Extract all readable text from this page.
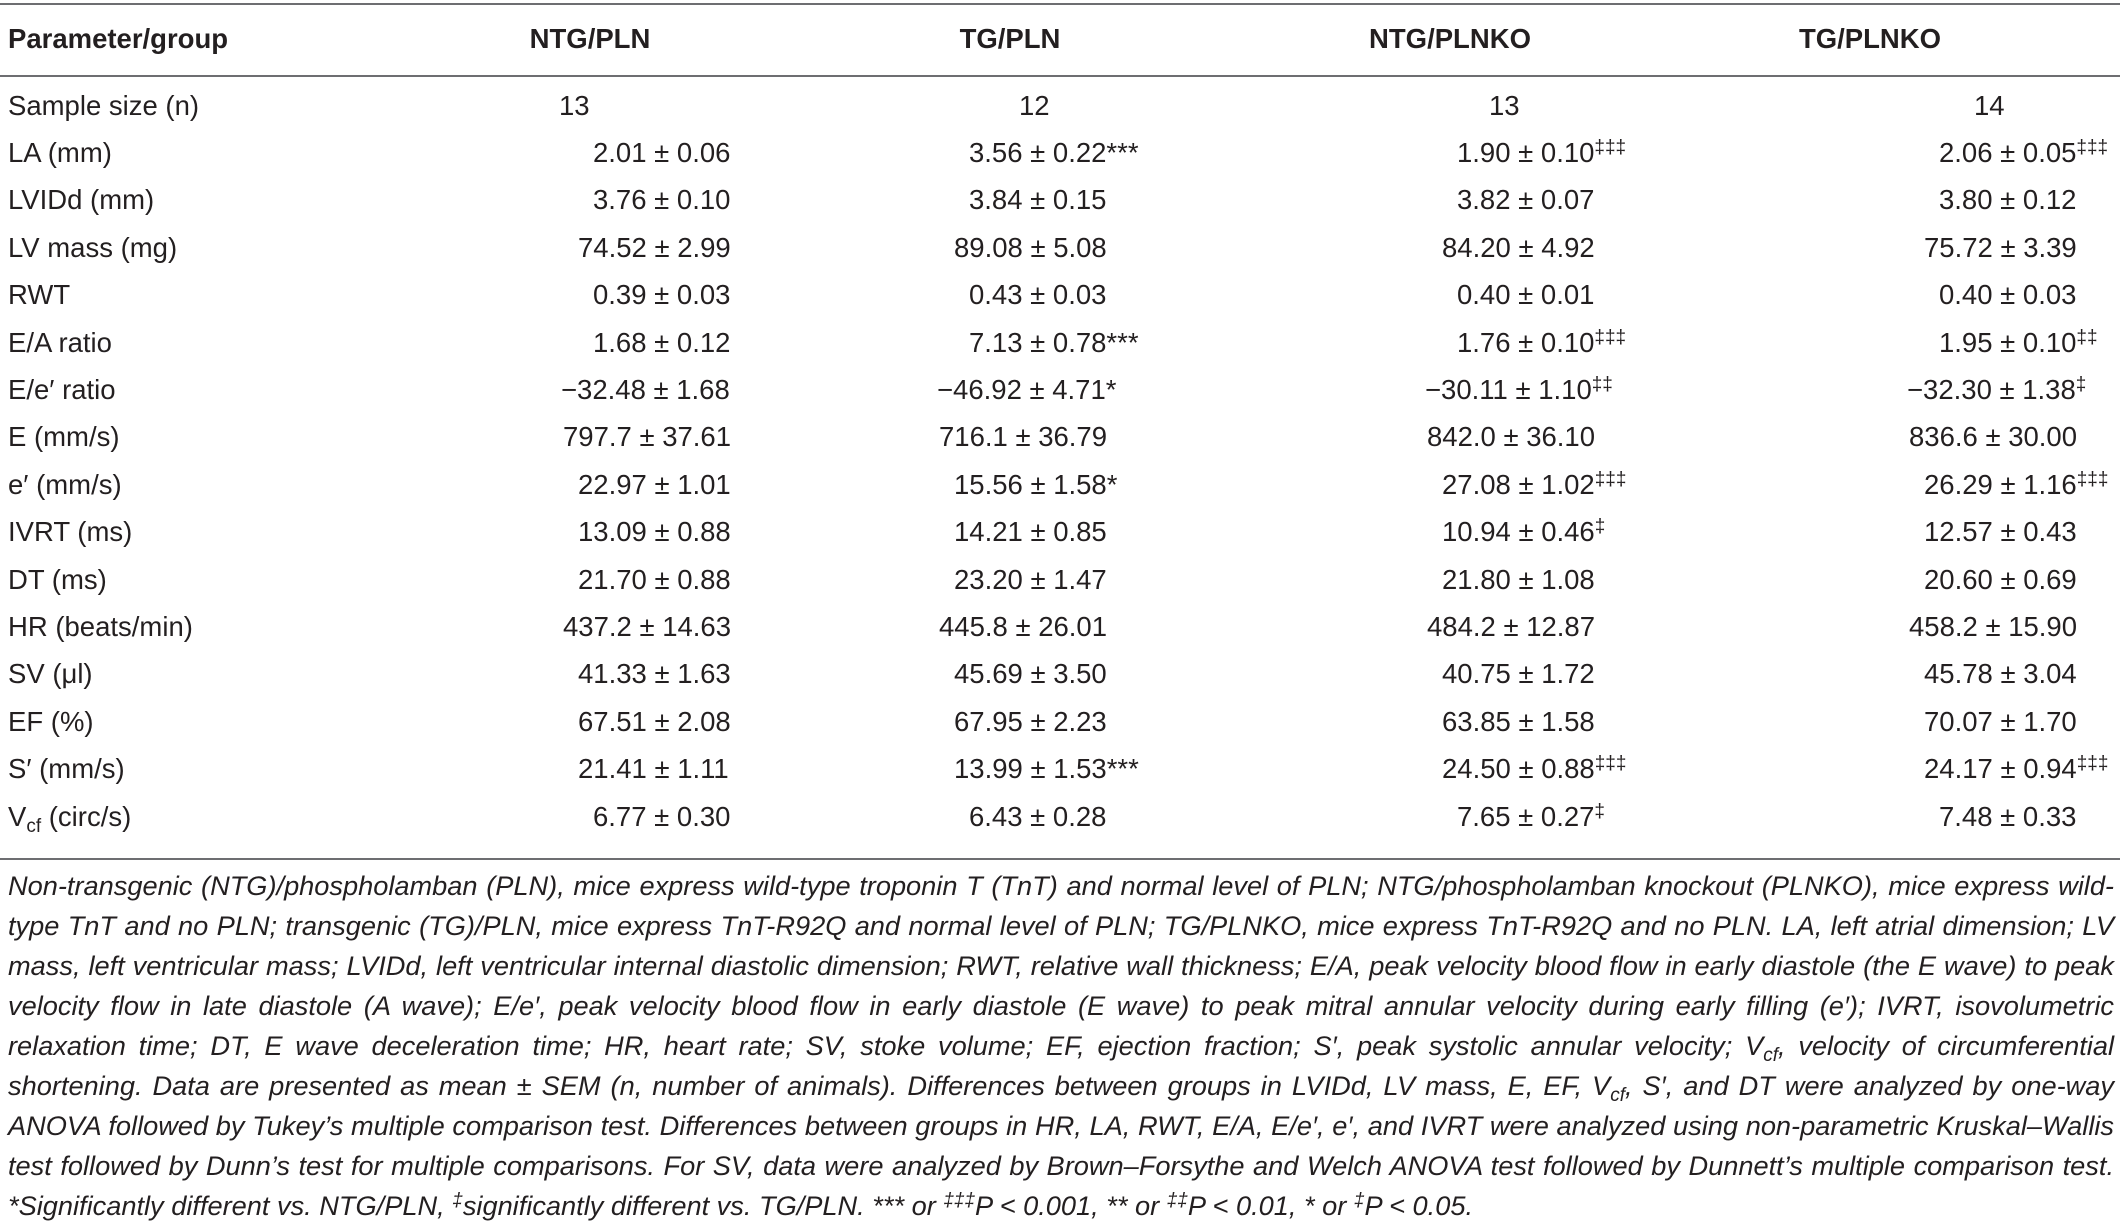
Parameter/group	NTG/PLN	TG/PLN	NTG/PLNKO	TG/PLNKO
Sample size (n)	13	12	13	14
LA (mm)	2.01 ± 0.06	3.56 ± 0.22***	1.90 ± 0.10‡‡‡	2.06 ± 0.05‡‡‡
LVIDd (mm)	3.76 ± 0.10	3.84 ± 0.15	3.82 ± 0.07	3.80 ± 0.12
LV mass (mg)	74.52 ± 2.99	89.08 ± 5.08	84.20 ± 4.92	75.72 ± 3.39
RWT	0.39 ± 0.03	0.43 ± 0.03	0.40 ± 0.01	0.40 ± 0.03
E/A ratio	1.68 ± 0.12	7.13 ± 0.78***	1.76 ± 0.10‡‡‡	1.95 ± 0.10‡‡
E/e′ ratio	−32.48 ± 1.68	−46.92 ± 4.71*	−30.11 ± 1.10‡‡	−32.30 ± 1.38‡
E (mm/s)	797.7 ± 37.61	716.1 ± 36.79	842.0 ± 36.10	836.6 ± 30.00
e′ (mm/s)	22.97 ± 1.01	15.56 ± 1.58*	27.08 ± 1.02‡‡‡	26.29 ± 1.16‡‡‡
IVRT (ms)	13.09 ± 0.88	14.21 ± 0.85	10.94 ± 0.46‡	12.57 ± 0.43
DT (ms)	21.70 ± 0.88	23.20 ± 1.47	21.80 ± 1.08	20.60 ± 0.69
HR (beats/min)	437.2 ± 14.63	445.8 ± 26.01	484.2 ± 12.87	458.2 ± 15.90
SV (μl)	41.33 ± 1.63	45.69 ± 3.50	40.75 ± 1.72	45.78 ± 3.04
EF (%)	67.51 ± 2.08	67.95 ± 2.23	63.85 ± 1.58	70.07 ± 1.70
S′ (mm/s)	21.41 ± 1.11	13.99 ± 1.53***	24.50 ± 0.88‡‡‡	24.17 ± 0.94‡‡‡
$V_{cf}$ (circ/s)	6.77 ± 0.30	6.43 ± 0.28	7.65 ± 0.27‡	7.48 ± 0.33

Non-transgenic (NTG)/phospholamban (PLN), mice express wild-type troponin T (TnT) and normal level of PLN; NTG/phospholamban knockout (PLNKO), mice express wild-type TnT and no PLN; transgenic (TG)/PLN, mice express TnT-R92Q and normal level of PLN; TG/PLNKO, mice express TnT-R92Q and no PLN. LA, left atrial dimension; LV mass, left ventricular mass; LVIDd, left ventricular internal diastolic dimension; RWT, relative wall thickness; E/A, peak velocity blood flow in early diastole (the E wave) to peak velocity flow in late diastole (A wave); E/e′, peak velocity blood flow in early diastole (E wave) to peak mitral annular velocity during early filling (e′); IVRT, isovolumetric relaxation time; DT, E wave deceleration time; HR, heart rate; SV, stoke volume; EF, ejection fraction; S′, peak systolic annular velocity; $V_{cf}$, velocity of circumferential shortening. Data are presented as mean ± SEM (n, number of animals). Differences between groups in LVIDd, LV mass, E, EF, $V_{cf}$, S′, and DT were analyzed by one-way ANOVA followed by Tukey’s multiple comparison test. Differences between groups in HR, LA, RWT, E/A, E/e′, e′, and IVRT were analyzed using non-parametric Kruskal–Wallis test followed by Dunn’s test for multiple comparisons. For SV, data were analyzed by Brown–Forsythe and Welch ANOVA test followed by Dunnett’s multiple comparison test. *Significantly different vs. NTG/PLN, ‡significantly different vs. TG/PLN. *** or ‡‡‡P < 0.001, ** or ‡‡P < 0.01, * or ‡P < 0.05.
